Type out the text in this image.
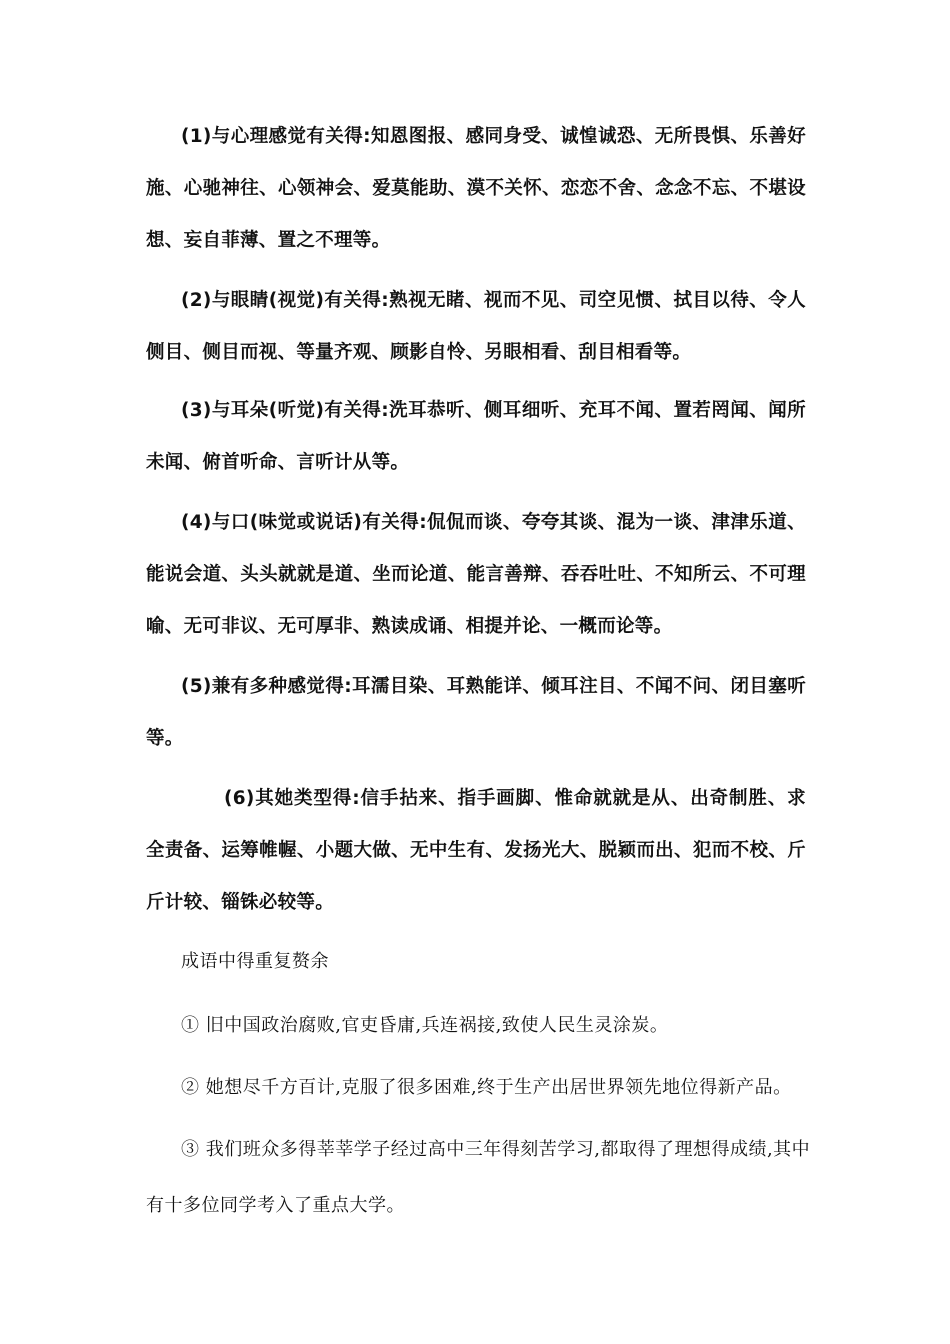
(1)与心理感觉有关得:知恩图报、感同身受、诚惶诚恐、无所畏惧、乐善好施、心驰神往、心领神会、爱莫能助、漠不关怀、恋恋不舍、念念不忘、不堪设想、妄自菲薄、置之不理等。

(2)与眼睛(视觉)有关得:熟视无睹、视而不见、司空见惯、拭目以待、令人侧目、侧目而视、等量齐观、顾影自怜、另眼相看、刮目相看等。

(3)与耳朵(听觉)有关得:洗耳恭听、侧耳细听、充耳不闻、置若罔闻、闻所未闻、俯首听命、言听计从等。

(4)与口(味觉或说话)有关得:侃侃而谈、夸夸其谈、混为一谈、津津乐道、能说会道、头头就就是道、坐而论道、能言善辩、吞吞吐吐、不知所云、不可理喻、无可非议、无可厚非、熟读成诵、相提并论、一概而论等。

(5)兼有多种感觉得:耳濡目染、耳熟能详、倾耳注目、不闻不问、闭目塞听等。

(6)其她类型得:信手拈来、指手画脚、惟命就就是从、出奇制胜、求全责备、运筹帷幄、小题大做、无中生有、发扬光大、脱颖而出、犯而不校、斤斤计较、锱铢必较等。

成语中得重复赘余

① 旧中国政治腐败,官吏昏庸,兵连祸接,致使人民生灵涂炭。

② 她想尽千方百计,克服了很多困难,终于生产出居世界领先地位得新产品。

③ 我们班众多得莘莘学子经过高中三年得刻苦学习,都取得了理想得成绩,其中有十多位同学考入了重点大学。
